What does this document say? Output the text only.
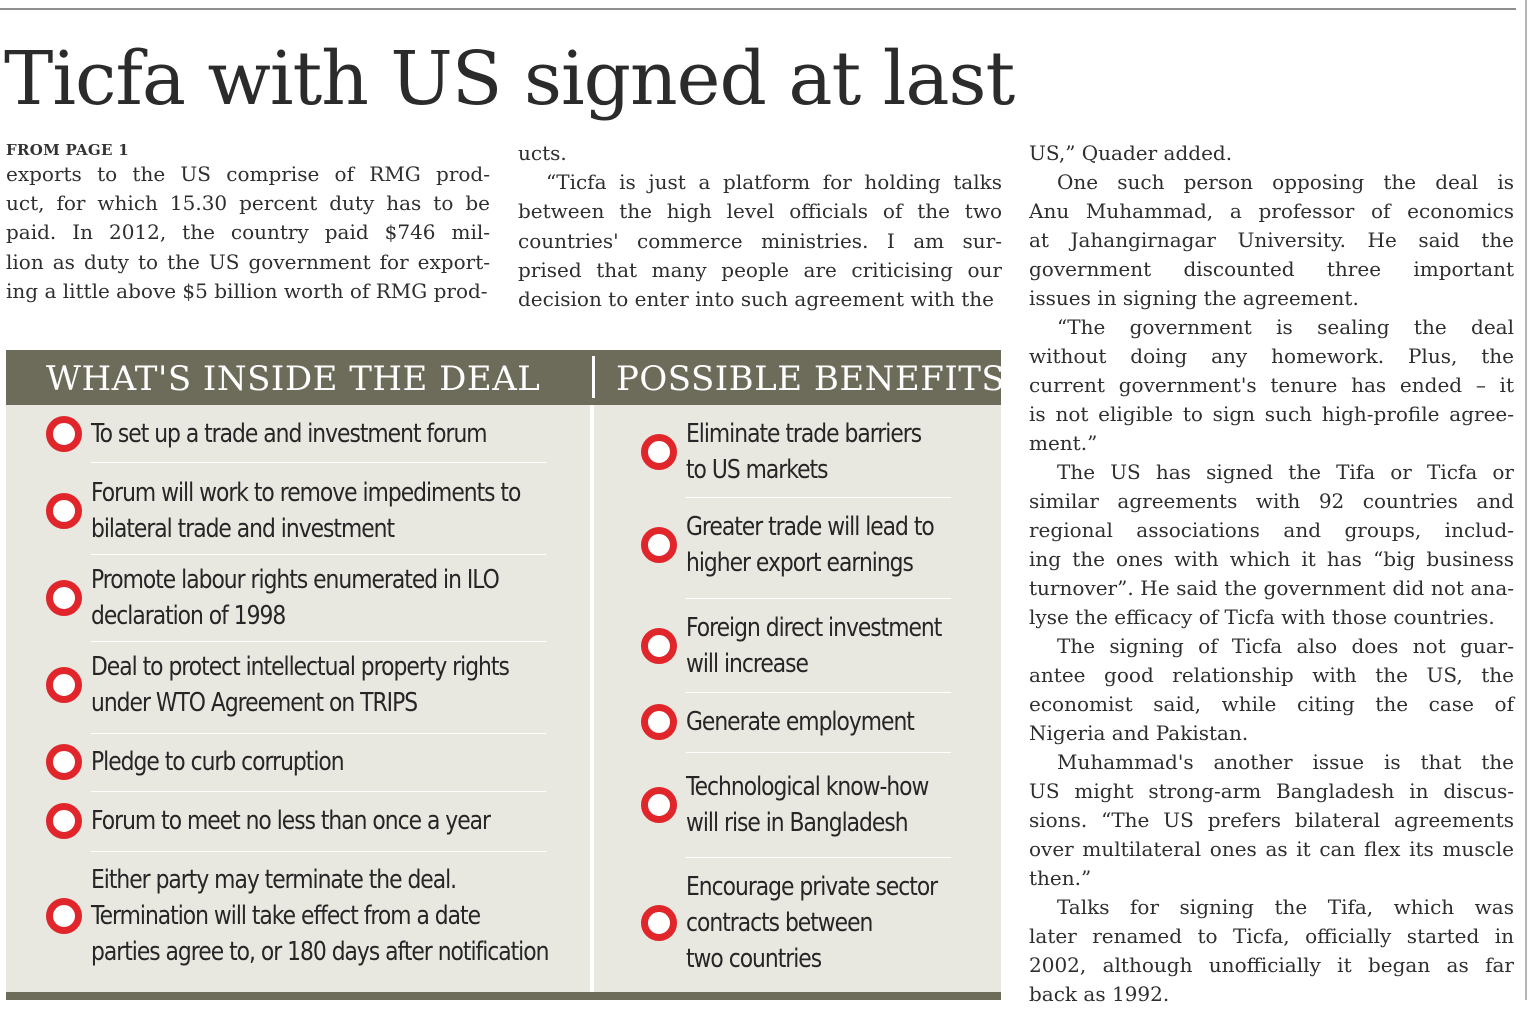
Ticfa with US signed at last
FROM PAGE 1

exports to the US comprise of RMG prod-

uct, for which 15.30 percent duty has to be

paid. In 2012, the country paid $746 mil-

lion as duty to the US government for export-

ing a little above $5 billion worth of RMG prod-

ucts.

“Ticfa is just a platform for holding talks

between the high level officials of the two

countries' commerce ministries. I am sur-

prised that many people are criticising our

decision to enter into such agreement with the

US,” Quader added.

One such person opposing the deal is

Anu Muhammad, a professor of economics

at Jahangirnagar University. He said the

government discounted three important

issues in signing the agreement.

“The government is sealing the deal

without doing any homework. Plus, the

current government's tenure has ended – it

is not eligible to sign such high-profile agree-

ment.”

The US has signed the Tifa or Ticfa or

similar agreements with 92 countries and

regional associations and groups, includ-

ing the ones with which it has “big business

turnover”. He said the government did not ana-

lyse the efficacy of Ticfa with those countries.

The signing of Ticfa also does not guar-

antee good relationship with the US, the

economist said, while citing the case of

Nigeria and Pakistan.

Muhammad's another issue is that the

US might strong-arm Bangladesh in discus-

sions. “The US prefers bilateral agreements

over multilateral ones as it can flex its muscle

then.”

Talks for signing the Tifa, which was

later renamed to Ticfa, officially started in

2002, although unofficially it began as far

back as 1992.

WHAT'S INSIDE THE DEAL POSSIBLE BENEFITS
To set up a trade and investment forum
Forum will work to remove impediments to
bilateral trade and investment
Promote labour rights enumerated in ILO
declaration of 1998
Deal to protect intellectual property rights
under WTO Agreement on TRIPS
Pledge to curb corruption
Forum to meet no less than once a year
Either party may terminate the deal.
Termination will take effect from a date
parties agree to, or 180 days after notification
Eliminate trade barriers
to US markets
Greater trade will lead to
higher export earnings
Foreign direct investment
will increase
Generate employment
Technological know-how
will rise in Bangladesh
Encourage private sector
contracts between
two countries
